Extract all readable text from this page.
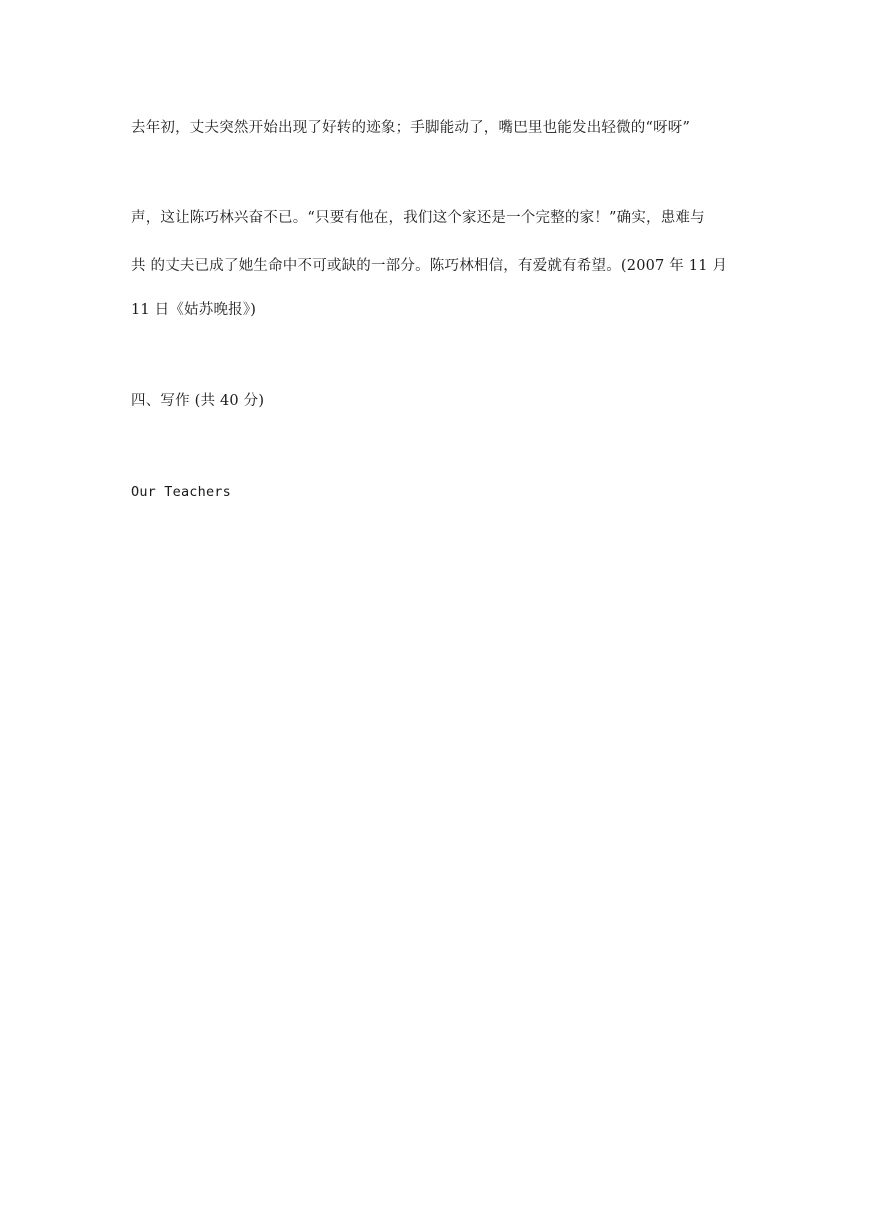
去年初，丈夫突然开始出现了好转的迹象；手脚能动了，嘴巴里也能发出轻微的“呀呀”
声，这让陈巧林兴奋不已。“只要有他在，我们这个家还是一个完整的家！”确实，患难与
共 的丈夫已成了她生命中不可或缺的一部分。陈巧林相信，有爱就有希望。(2007 年 11 月
11 日《姑苏晚报》)
四、写作 (共 40 分)
Our Teachers
